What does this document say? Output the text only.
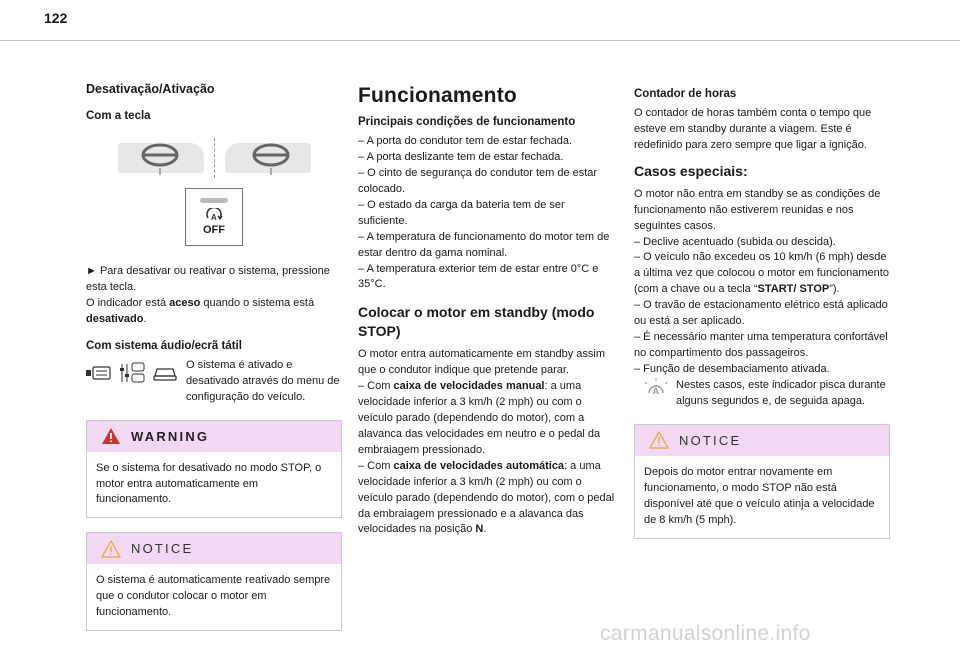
122
Desativação/Ativação
Com a tecla
A
OFF

► Para desativar ou reativar o sistema, pressione esta tecla.
O indicador está aceso quando o sistema está desativado.

Com sistema áudio/ecrã tátil

O sistema é ativado e desativado através do menu de configuração do veículo.

WARNING

Se o sistema for desativado no modo STOP, o motor entra automaticamente em funcionamento.

NOTICE

O sistema é automaticamente reativado sempre que o condutor colocar o motor em funcionamento.

Funcionamento
Principais condições de funcionamento

– A porta do condutor tem de estar fechada.
– A porta deslizante tem de estar fechada.
– O cinto de segurança do condutor tem de estar colocado.
– O estado da carga da bateria tem de ser suficiente.
– A temperatura de funcionamento do motor tem de estar dentro da gama nominal.
– A temperatura exterior tem de estar entre 0°C e 35°C.

Colocar o motor em standby (modo STOP)

O motor entra automaticamente em standby assim que o condutor indique que pretende parar.
– Com caixa de velocidades manual: a uma velocidade inferior a 3 km/h (2 mph) ou com o veículo parado (dependendo do motor), com a alavanca das velocidades em neutro e o pedal da embraiagem pressionado.
– Com caixa de velocidades automática: a uma velocidade inferior a 3 km/h (2 mph) ou com o veículo parado (dependendo do motor), com o pedal da embraiagem pressionado e a alavanca das velocidades na posição N.

Contador de horas

O contador de horas também conta o tempo que esteve em standby durante a viagem. Este é redefinido para zero sempre que ligar a ignição.

Casos especiais:

O motor não entra em standby se as condições de funcionamento não estiverem reunidas e nos seguintes casos.
– Declive acentuado (subida ou descida).
– O veículo não excedeu os 10 km/h (6 mph) desde a última vez que colocou o motor em funcionamento (com a chave ou a tecla “START/ STOP”).
– O travão de estacionamento elétrico está aplicado ou está a ser aplicado.
– É necessário manter uma temperatura confortável no compartimento dos passageiros.
– Função de desembaciamento ativada.
A Nestes casos, este indicador pisca durante alguns segundos e, de seguida apaga.

NOTICE

Depois do motor entrar novamente em funcionamento, o modo STOP não está disponível até que o veículo atinja a velocidade de 8 km/h (5 mph).

carmanualsonline.info
